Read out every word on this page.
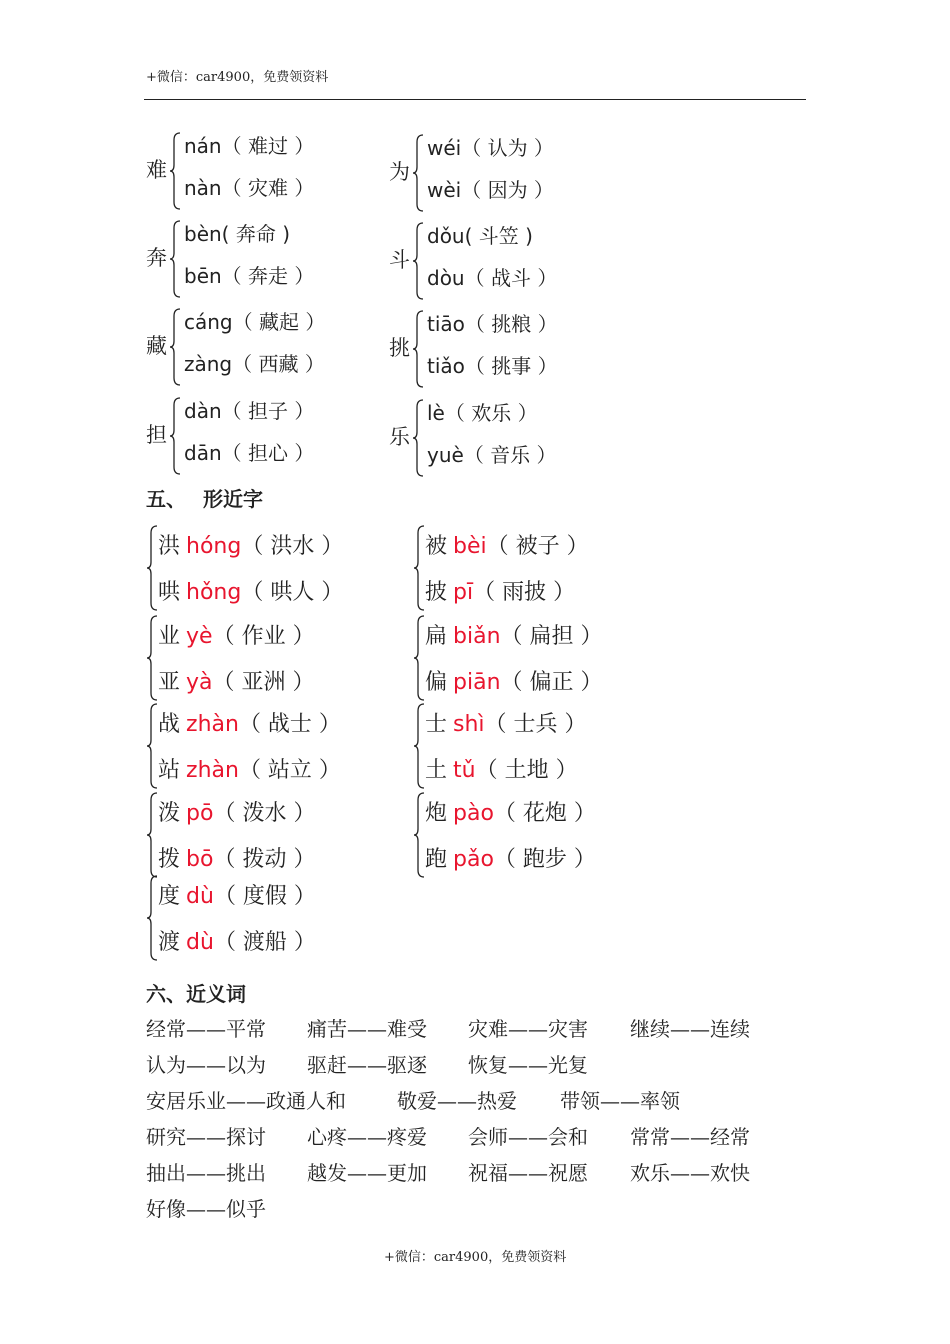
+微信：car4900，免费领资料
难
nán（ 难过 ）
nàn（ 灾难 ）
为
wéi（ 认为 ）
wèi（ 因为 ）
奔
bèn( 奔命 )
bēn（ 奔走 ）
斗
dǒu( 斗笠 )
dòu（ 战斗 ）
藏
cáng（ 藏起 ）
zàng（ 西藏 ）
挑
tiāo（ 挑粮 ）
tiǎo（ 挑事 ）
担
dàn（ 担子 ）
dān（ 担心 ）
乐
lè（ 欢乐 ）
yuè（ 音乐 ）
五、　 形近字
洪 hóng（ 洪水 ）
哄 hǒng（ 哄人 ）
被 bèi（ 被子 ）
披 pī（ 雨披 ）
业 yè（ 作业 ）
亚 yà（ 亚洲 ）
扁 biǎn（ 扁担 ）
偏 piān（ 偏正 ）
战 zhàn（ 战士 ）
站 zhàn（ 站立 ）
士 shì（ 士兵 ）
土 tǔ（ 土地 ）
泼 pō（ 泼水 ）
拨 bō（ 拨动 ）
炮 pào（ 花炮 ）
跑 pǎo（ 跑步 ）
度 dù（ 度假 ）
渡 dù（ 渡船 ）
六、近义词
经常——平常 痛苦——难受 灾难——灾害 继续——连续
认为——以为 驱赶——驱逐 恢复——光复
安居乐业——政通人和	敬爱——热爱 带领——率领
研究——探讨 心疼——疼爱 会师——会和 常常——经常
抽出——挑出 越发——更加 祝福——祝愿 欢乐——欢快
好像——似乎
+微信：car4900，免费领资料
